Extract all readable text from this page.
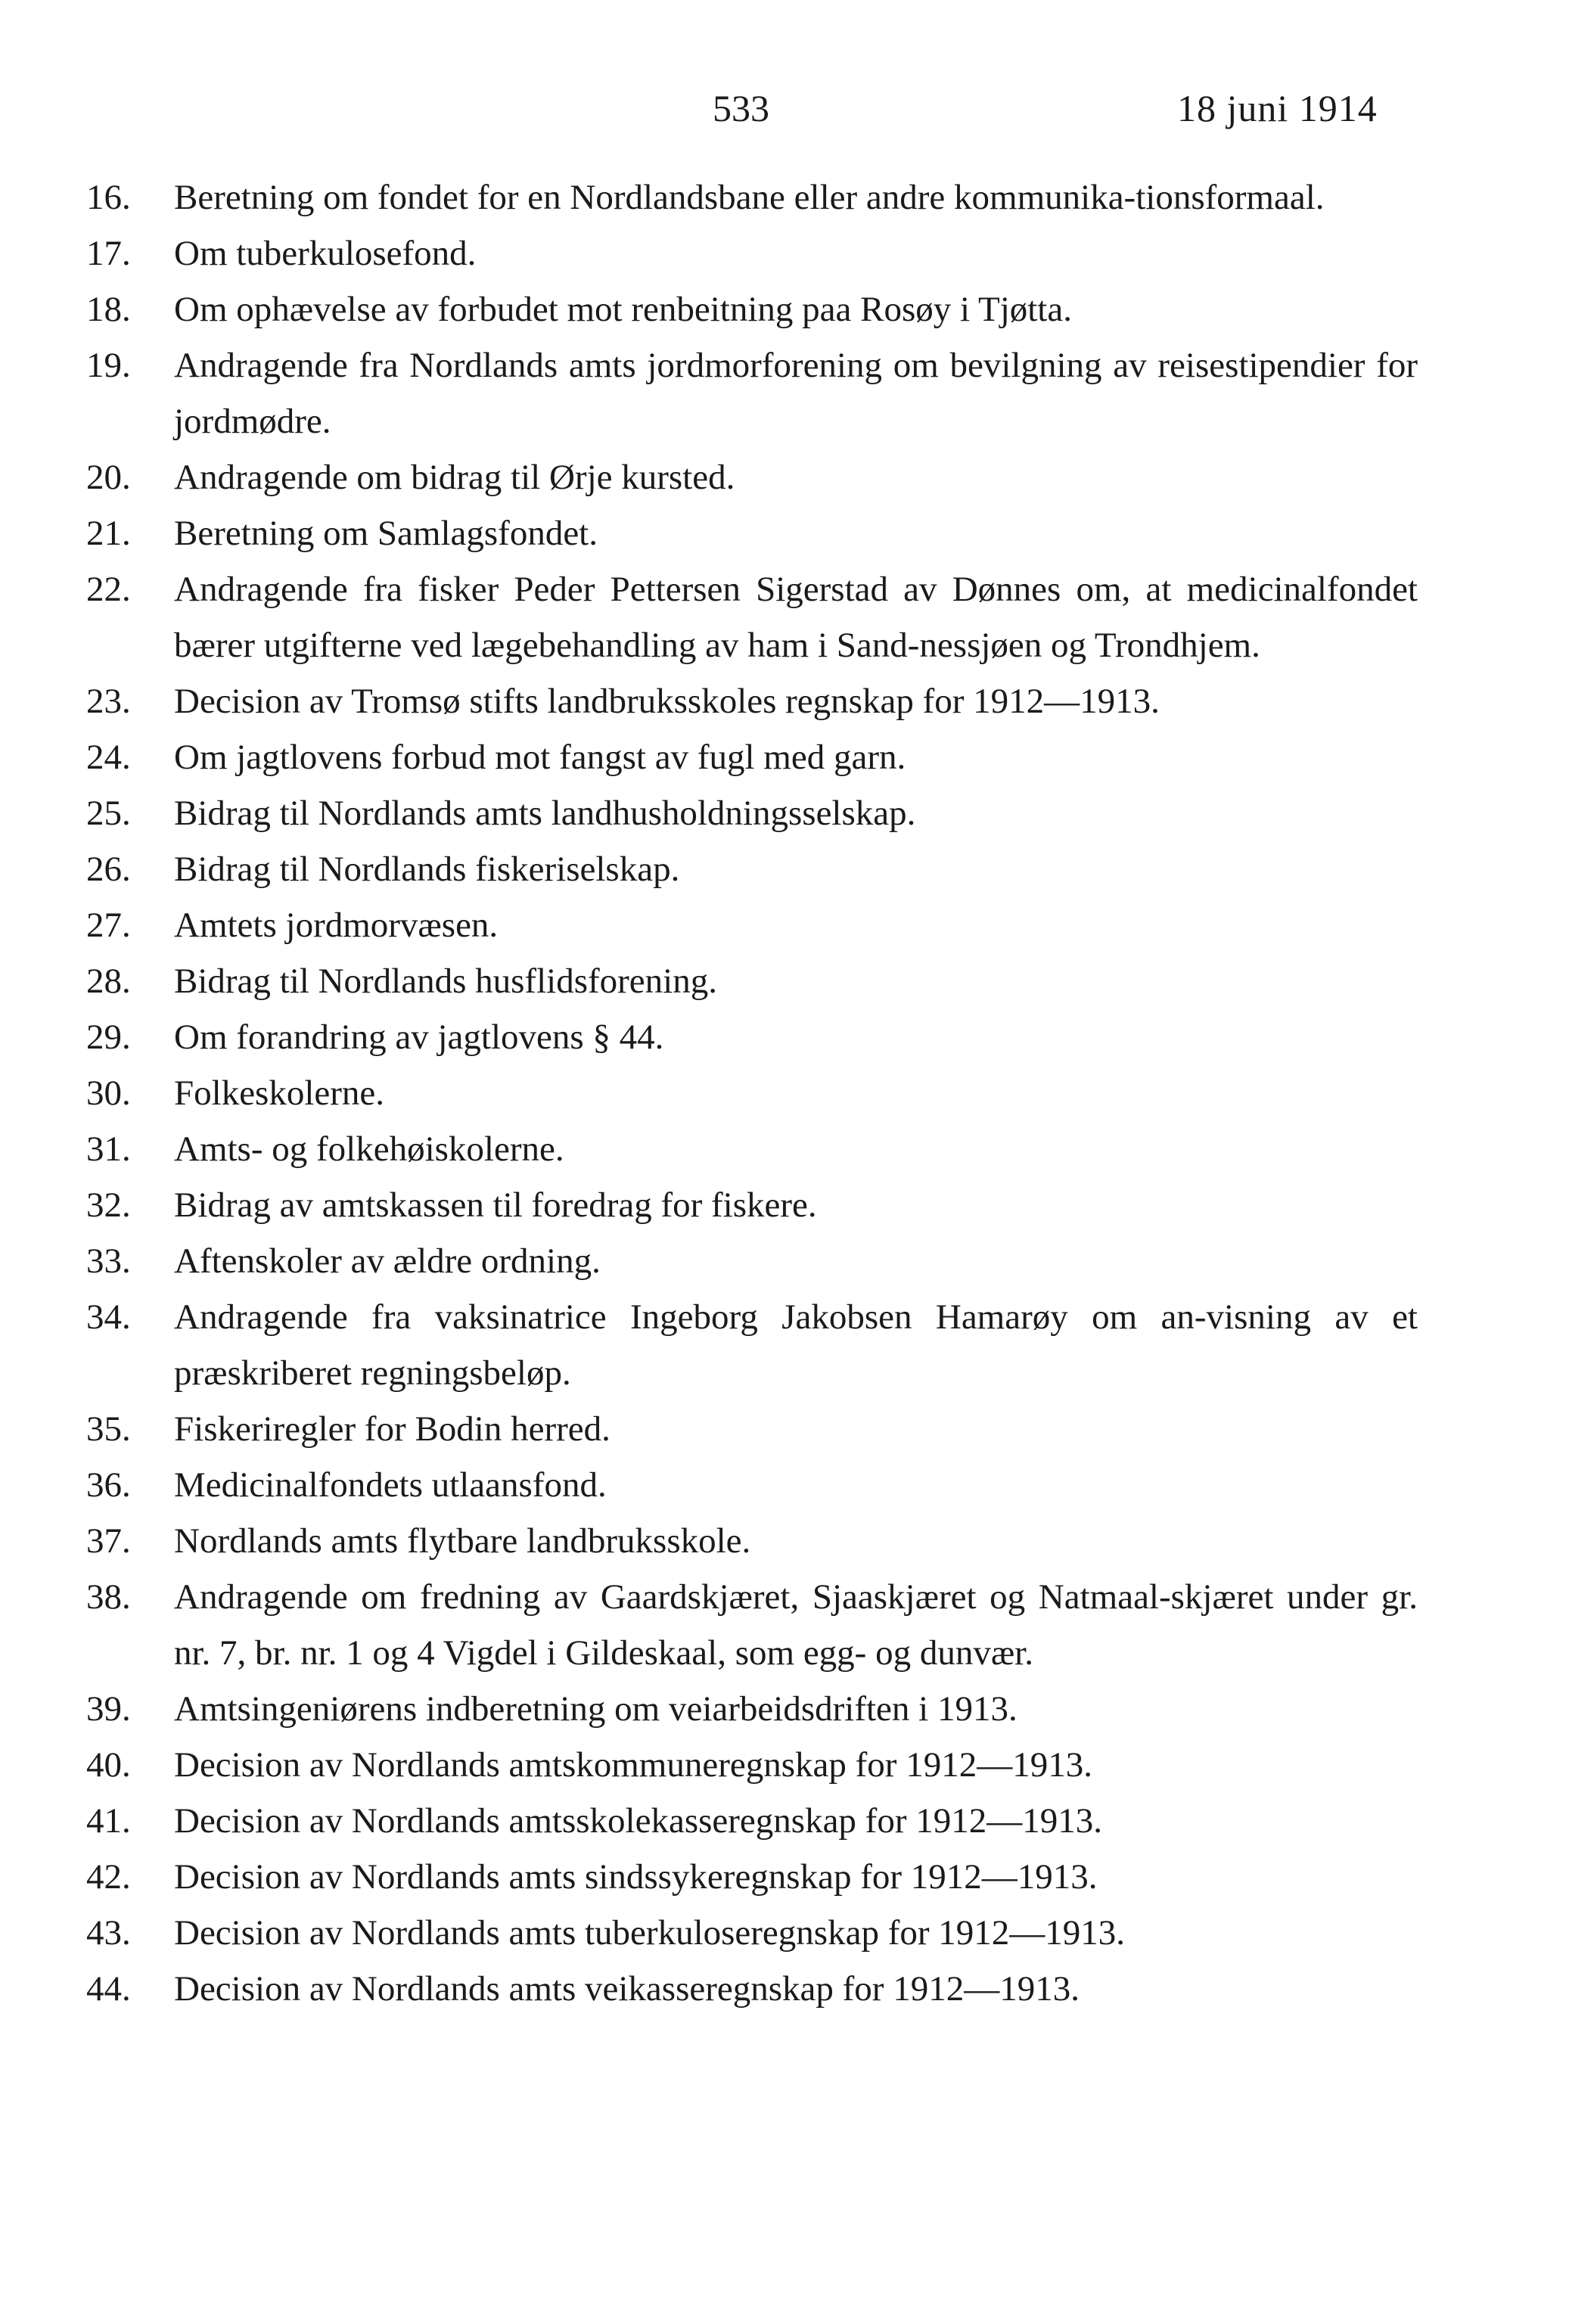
533	18 juni 1914
16.	Beretning om fondet for en Nordlandsbane eller andre kommunika-tionsformaal.
17.	Om tuberkulosefond.
18.	Om ophævelse av forbudet mot renbeitning paa Rosøy i Tjøtta.
19.	Andragende fra Nordlands amts jordmorforening om bevilgning av reisestipendier for jordmødre.
20.	Andragende om bidrag til Ørje kursted.
21.	Beretning om Samlagsfondet.
22.	Andragende fra fisker Peder Pettersen Sigerstad av Dønnes om, at medicinalfondet bærer utgifterne ved lægebehandling av ham i Sand-nessjøen og Trondhjem.
23.	Decision av Tromsø stifts landbruksskoles regnskap for 1912—1913.
24.	Om jagtlovens forbud mot fangst av fugl med garn.
25.	Bidrag til Nordlands amts landhusholdningsselskap.
26.	Bidrag til Nordlands fiskeriselskap.
27.	Amtets jordmorvæsen.
28.	Bidrag til Nordlands husflidsforening.
29.	Om forandring av jagtlovens § 44.
30.	Folkeskolerne.
31.	Amts- og folkehøiskolerne.
32.	Bidrag av amtskassen til foredrag for fiskere.
33.	Aftenskoler av ældre ordning.
34.	Andragende fra vaksinatrice Ingeborg Jakobsen Hamarøy om an-visning av et præskriberet regningsbeløp.
35.	Fiskeriregler for Bodin herred.
36.	Medicinalfondets utlaansfond.
37.	Nordlands amts flytbare landbruksskole.
38.	Andragende om fredning av Gaardskjæret, Sjaaskjæret og Natmaal-skjæret under gr. nr. 7, br. nr. 1 og 4 Vigdel i Gildeskaal, som egg- og dunvær.
39.	Amtsingeniørens indberetning om veiarbeidsdriften i 1913.
40.	Decision av Nordlands amtskommuneregnskap for 1912—1913.
41.	Decision av Nordlands amtsskolekasseregnskap for 1912—1913.
42.	Decision av Nordlands amts sindssykeregnskap for 1912—1913.
43.	Decision av Nordlands amts tuberkuloseregnskap for 1912—1913.
44.	Decision av Nordlands amts veikasseregnskap for 1912—1913.
